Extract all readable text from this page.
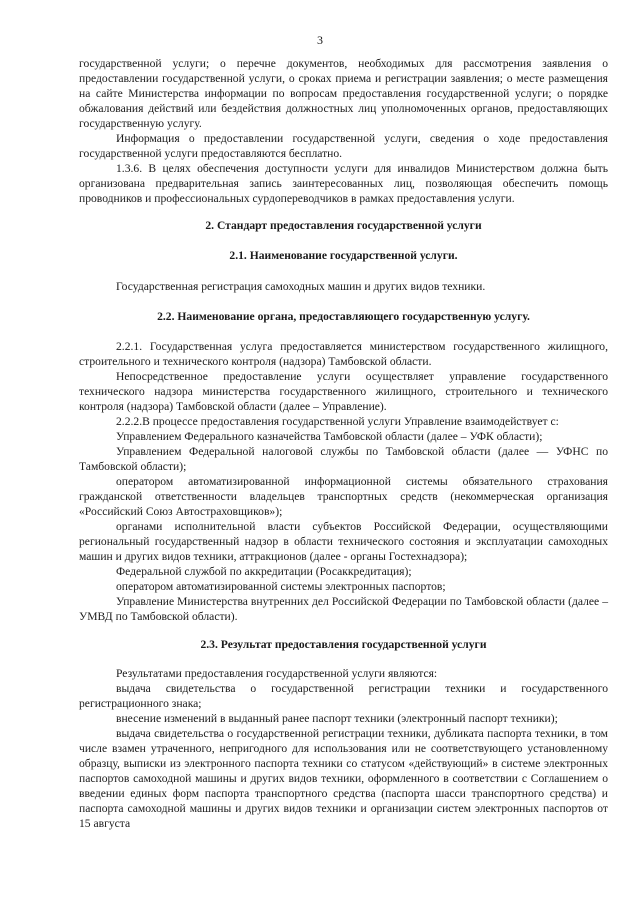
3

государственной услуги; о перечне документов, необходимых для рассмотрения заявления о предоставлении государственной услуги, о сроках приема и регистрации заявления; о месте размещения на сайте Министерства информации по вопросам предоставления государственной услуги; о порядке обжалования действий или бездействия должностных лиц уполномоченных органов, предоставляющих государственную услугу.

Информация о предоставлении государственной услуги, сведения о ходе предоставления государственной услуги предоставляются бесплатно.

1.3.6. В целях обеспечения доступности услуги для инвалидов Министерством должна быть организована предварительная запись заинтересованных лиц, позволяющая обеспечить помощь проводников и профессиональных сурдопереводчиков в рамках предоставления услуги.

2. Стандарт предоставления государственной услуги

2.1. Наименование государственной услуги.

Государственная регистрация самоходных машин и других видов техники.

2.2. Наименование органа, предоставляющего государственную услугу.

2.2.1. Государственная услуга предоставляется министерством государственного жилищного, строительного и технического контроля (надзора) Тамбовской области.

Непосредственное предоставление услуги осуществляет управление государственного технического надзора министерства государственного жилищного, строительного и технического контроля (надзора) Тамбовской области (далее – Управление).

2.2.2.В процессе предоставления государственной услуги Управление взаимодействует с:

Управлением Федерального казначейства Тамбовской области (далее – УФК области);

Управлением Федеральной налоговой службы по Тамбовской области (далее — УФНС по Тамбовской области);

оператором автоматизированной информационной системы обязательного страхования гражданской ответственности владельцев транспортных средств (некоммерческая организация «Российский Союз Автостраховщиков»);

органами исполнительной власти субъектов Российской Федерации, осуществляющими региональный государственный надзор в области технического состояния и эксплуатации самоходных машин и других видов техники, аттракционов (далее - органы Гостехнадзора);

Федеральной службой по аккредитации (Росаккредитация);

оператором автоматизированной системы электронных паспортов;

Управление Министерства внутренних дел Российской Федерации по Тамбовской области (далее – УМВД по Тамбовской области).

2.3. Результат предоставления государственной услуги

Результатами предоставления государственной услуги являются:

выдача свидетельства о государственной регистрации техники и государственного регистрационного знака;

внесение изменений в выданный ранее паспорт техники (электронный паспорт техники);

выдача свидетельства о государственной регистрации техники, дубликата паспорта техники, в том числе взамен утраченного, непригодного для использования или не соответствующего установленному образцу, выписки из электронного паспорта техники со статусом «действующий» в системе электронных паспортов самоходной машины и других видов техники, оформленного в соответствии с Соглашением о введении единых форм паспорта транспортного средства (паспорта шасси транспортного средства) и паспорта самоходной машины и других видов техники и организации систем электронных паспортов от 15 августа
